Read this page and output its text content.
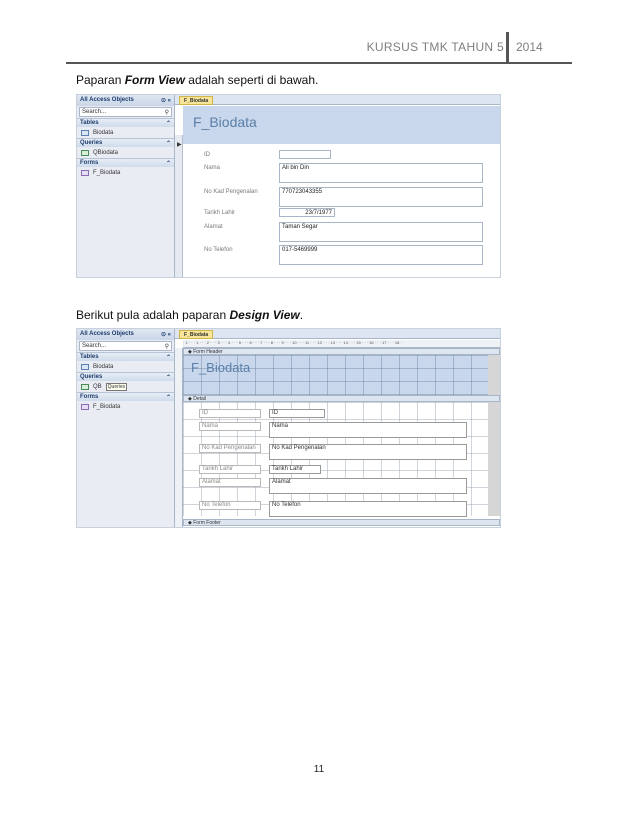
KURSUS TMK TAHUN 5 2014
Paparan Form View adalah seperti di bawah.
All Access Objects	⊙ «
Search...	⚲
Tables	⌃
Biodata
Queries	⌃
QBiodata
Forms	⌃
F_Biodata
F_Biodata
F_Biodata
▶
ID
Nama	Ali bin Din
No Kad Pengenalan	770723043355
Tarikh Lahir	23/7/1977
Alamat	Taman Segar
No Telefon	017-5469999
Berikut pula adalah paparan Design View.
All Access Objects	⊙ «
Search...	⚲
Tables	⌃
Biodata
Queries	⌃
QB	Queries
Forms	⌃
F_Biodata
F_Biodata
· 1 · · · 1 · · · 2 · · · 3 · · · 4 · · · 5 · · · 6 · · · 7 · · · 8 · · · 9 · · · 10 · · · 11 · · · 12 · · · 13 · · · 14 · · · 15 · · · 16 · · · 17 · · · 18 ·
◆ Form Header
F_Biodata
◆ Detail
ID	ID
Nama	Nama
No Kad Pengenalan	No Kad Pengenalan
Tarikh Lahir	Tarikh Lahir
Alamat	Alamat
No Telefon	No Telefon
◆ Form Footer
11
